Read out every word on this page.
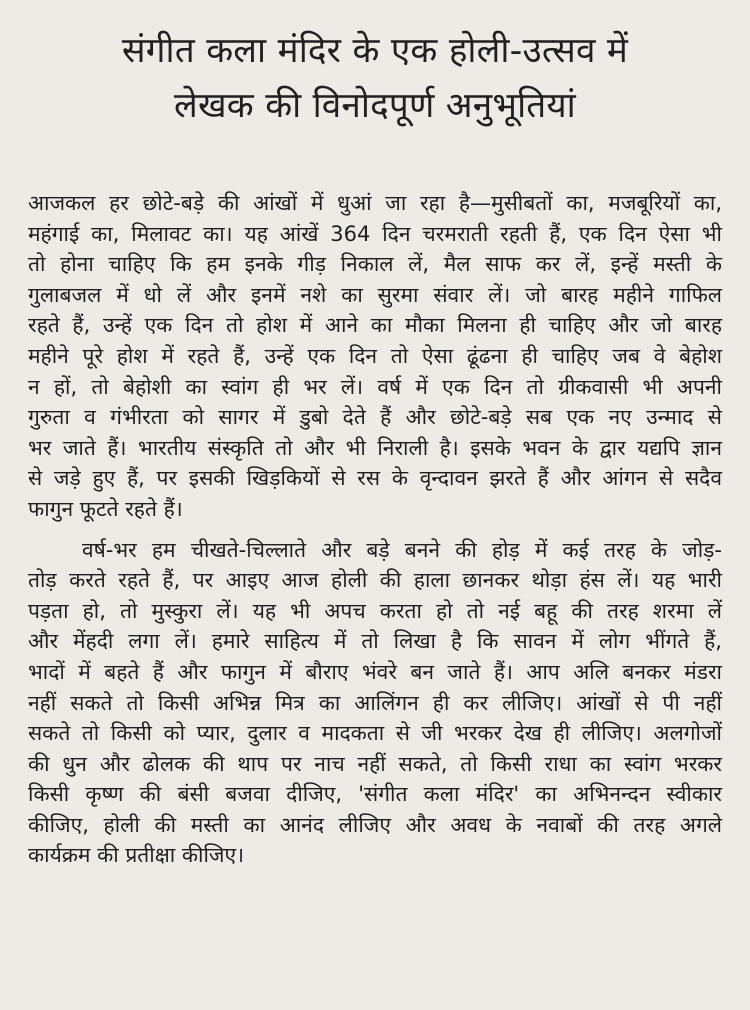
संगीत कला मंदिर के एक होली-उत्सव में
लेखक की विनोदपूर्ण अनुभूतियां
आजकल हर छोटे-बड़े की आंखों में धुआं जा रहा है—मुसीबतों का, मजबूरियों का,
महंगाई का, मिलावट का। यह आंखें 364 दिन चरमराती रहती हैं, एक दिन ऐसा भी
तो होना चाहिए कि हम इनके गीड़ निकाल लें, मैल साफ कर लें, इन्हें मस्ती के
गुलाबजल में धो लें और इनमें नशे का सुरमा संवार लें। जो बारह महीने गाफिल
रहते हैं, उन्हें एक दिन तो होश में आने का मौका मिलना ही चाहिए और जो बारह
महीने पूरे होश में रहते हैं, उन्हें एक दिन तो ऐसा ढूंढना ही चाहिए जब वे बेहोश
न हों, तो बेहोशी का स्वांग ही भर लें। वर्ष में एक दिन तो ग्रीकवासी भी अपनी
गुरुता व गंभीरता को सागर में डुबो देते हैं और छोटे-बड़े सब एक नए उन्माद से
भर जाते हैं। भारतीय संस्कृति तो और भी निराली है। इसके भवन के द्वार यद्यपि ज्ञान
से जड़े हुए हैं, पर इसकी खिड़कियों से रस के वृन्दावन झरते हैं और आंगन से सदैव
फागुन फूटते रहते हैं।
वर्ष-भर हम चीखते-चिल्लाते और बड़े बनने की होड़ में कई तरह के जोड़-
तोड़ करते रहते हैं, पर आइए आज होली की हाला छानकर थोड़ा हंस लें। यह भारी
पड़ता हो, तो मुस्कुरा लें। यह भी अपच करता हो तो नई बहू की तरह शरमा लें
और मेंहदी लगा लें। हमारे साहित्य में तो लिखा है कि सावन में लोग भींगते हैं,
भादों में बहते हैं और फागुन में बौराए भंवरे बन जाते हैं। आप अलि बनकर मंडरा
नहीं सकते तो किसी अभिन्न मित्र का आलिंगन ही कर लीजिए। आंखों से पी नहीं
सकते तो किसी को प्यार, दुलार व मादकता से जी भरकर देख ही लीजिए। अलगोजों
की धुन और ढोलक की थाप पर नाच नहीं सकते, तो किसी राधा का स्वांग भरकर
किसी कृष्ण की बंसी बजवा दीजिए, 'संगीत कला मंदिर' का अभिनन्दन स्वीकार
कीजिए, होली की मस्ती का आनंद लीजिए और अवध के नवाबों की तरह अगले
कार्यक्रम की प्रतीक्षा कीजिए।
